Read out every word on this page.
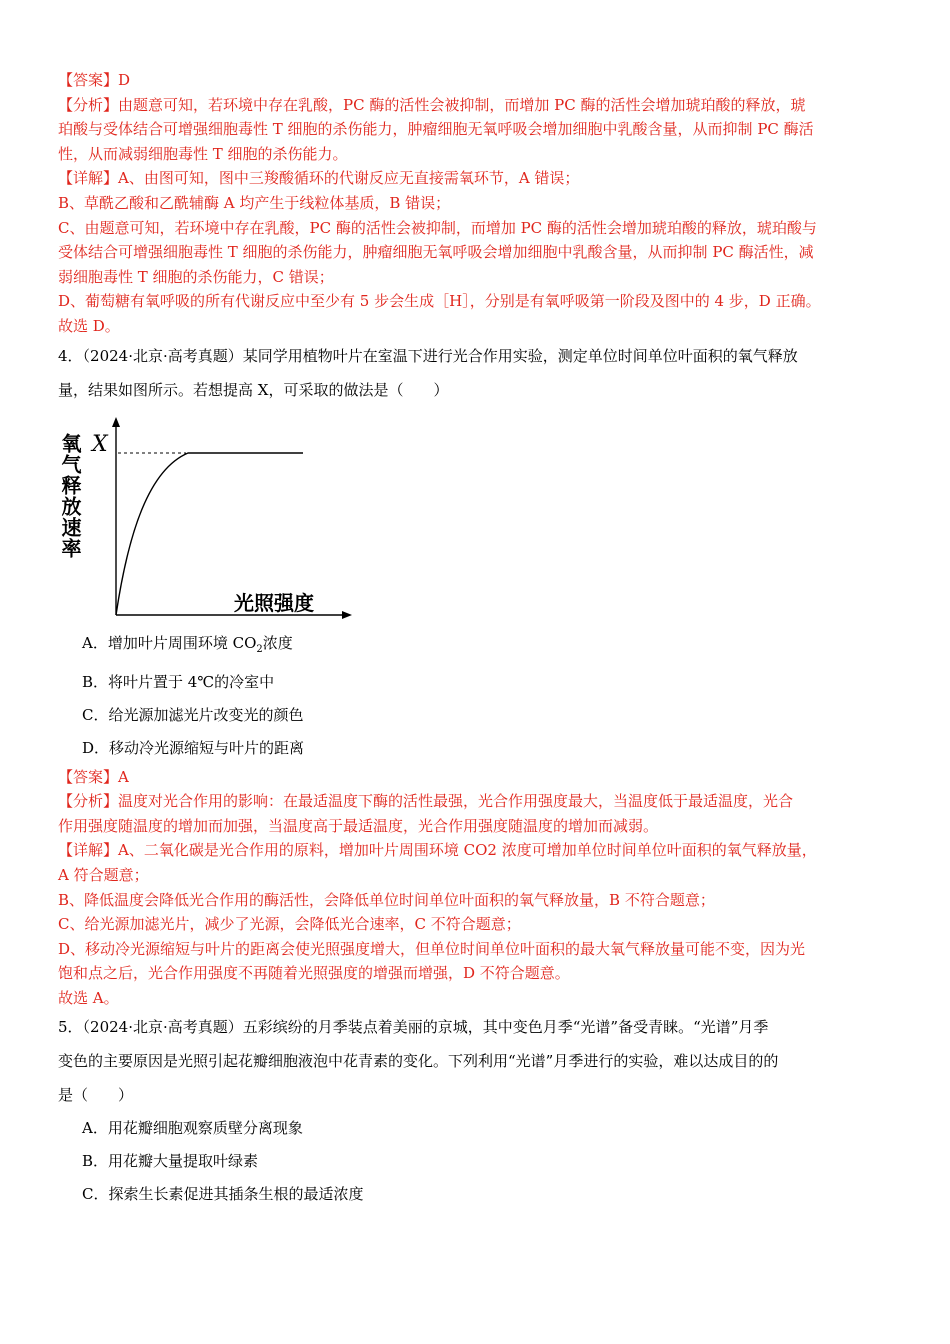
【答案】D
【分析】由题意可知，若环境中存在乳酸，PC 酶的活性会被抑制，而增加 PC 酶的活性会增加琥珀酸的释放，琥
珀酸与受体结合可增强细胞毒性 T 细胞的杀伤能力，肿瘤细胞无氧呼吸会增加细胞中乳酸含量，从而抑制 PC 酶活
性，从而减弱细胞毒性 T 细胞的杀伤能力。
【详解】A、由图可知，图中三羧酸循环的代谢反应无直接需氧环节，A 错误；
B、草酰乙酸和乙酰辅酶 A 均产生于线粒体基质，B 错误；
C、由题意可知，若环境中存在乳酸，PC 酶的活性会被抑制，而增加 PC 酶的活性会增加琥珀酸的释放，琥珀酸与
受体结合可增强细胞毒性 T 细胞的杀伤能力，肿瘤细胞无氧呼吸会增加细胞中乳酸含量，从而抑制 PC 酶活性，减
弱细胞毒性 T 细胞的杀伤能力，C 错误；
D、葡萄糖有氧呼吸的所有代谢反应中至少有 5 步会生成［H］，分别是有氧呼吸第一阶段及图中的 4 步，D 正确。
故选 D。
4．（2024·北京·高考真题）某同学用植物叶片在室温下进行光合作用实验，测定单位时间单位叶面积的氧气释放
量，结果如图所示。若想提高 X，可采取的做法是（　　）
X
氧气释放速率
光照强度
A．增加叶片周围环境 $CO_2$浓度
B．将叶片置于 4℃的冷室中
C．给光源加滤光片改变光的颜色
D．移动冷光源缩短与叶片的距离
【答案】A
【分析】温度对光合作用的影响：在最适温度下酶的活性最强，光合作用强度最大，当温度低于最适温度，光合
作用强度随温度的增加而加强，当温度高于最适温度，光合作用强度随温度的增加而减弱。
【详解】A、二氧化碳是光合作用的原料，增加叶片周围环境 CO2 浓度可增加单位时间单位叶面积的氧气释放量，
A 符合题意；
B、降低温度会降低光合作用的酶活性，会降低单位时间单位叶面积的氧气释放量，B 不符合题意；
C、给光源加滤光片，减少了光源，会降低光合速率，C 不符合题意；
D、移动冷光源缩短与叶片的距离会使光照强度增大，但单位时间单位叶面积的最大氧气释放量可能不变，因为光
饱和点之后，光合作用强度不再随着光照强度的增强而增强，D 不符合题意。
故选 A。
5．（2024·北京·高考真题）五彩缤纷的月季装点着美丽的京城，其中变色月季“光谱”备受青睐。“光谱”月季
变色的主要原因是光照引起花瓣细胞液泡中花青素的变化。下列利用“光谱”月季进行的实验，难以达成目的的
是（　　）
A．用花瓣细胞观察质壁分离现象
B．用花瓣大量提取叶绿素
C．探索生长素促进其插条生根的最适浓度
